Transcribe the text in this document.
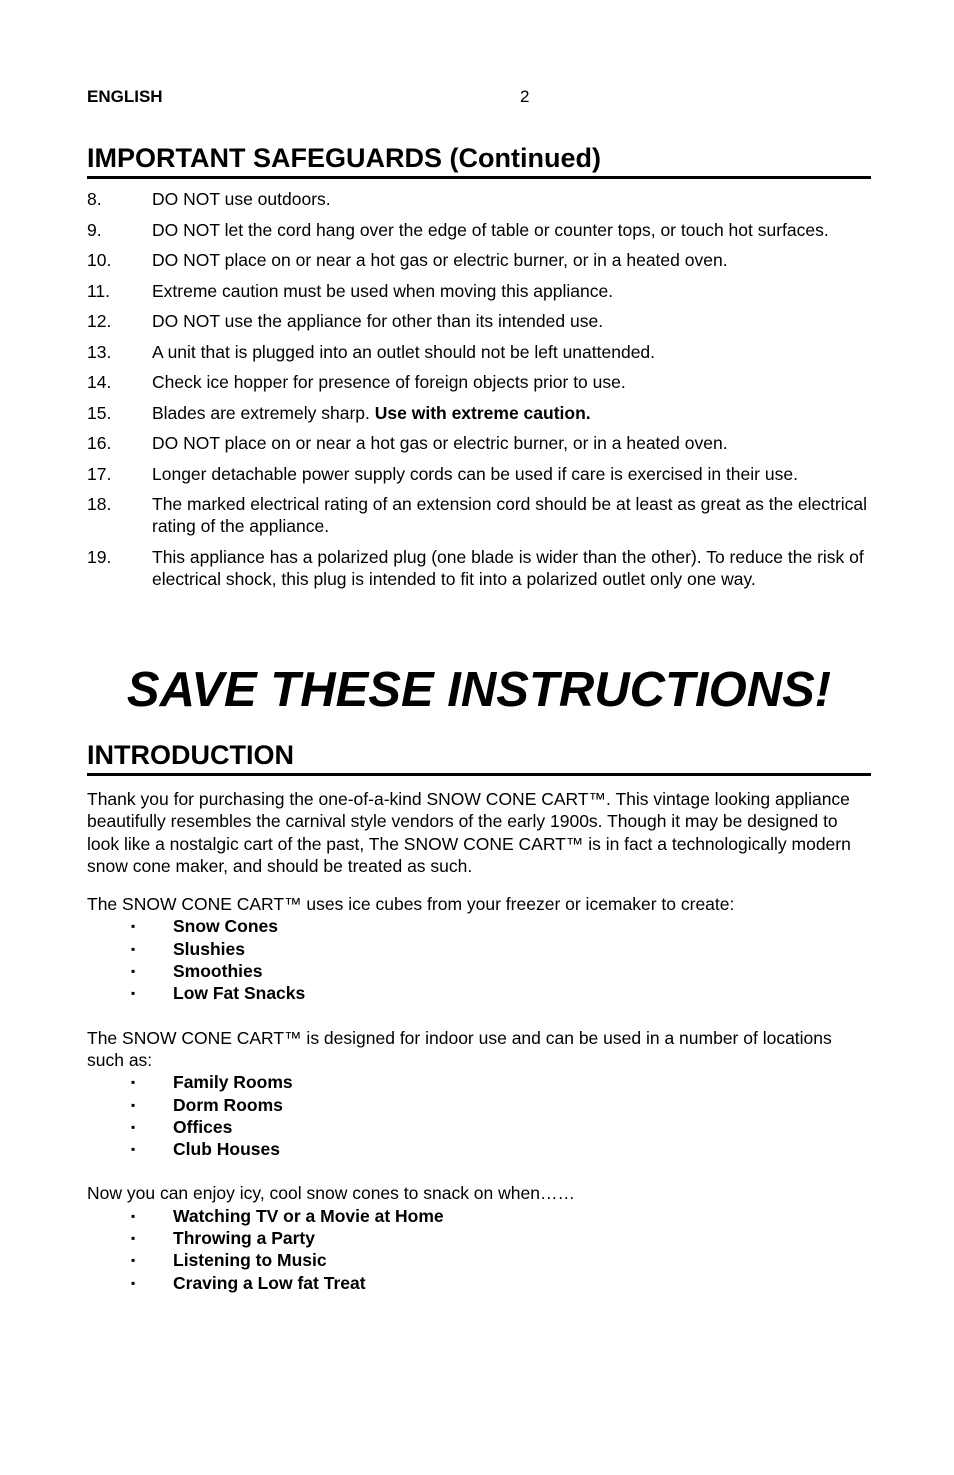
ENGLISH	2
IMPORTANT SAFEGUARDS (Continued)
8.	DO NOT use outdoors.
9.	DO NOT let the cord hang over the edge of table or counter tops, or touch hot surfaces.
10. DO NOT place on or near a hot gas or electric burner, or in a heated oven.
11. Extreme caution must be used when moving this appliance.
12. DO NOT use the appliance for other than its intended use.
13. A unit that is plugged into an outlet should not be left unattended.
14. Check ice hopper for presence of foreign objects prior to use.
15. Blades are extremely sharp. Use with extreme caution.
16. DO NOT place on or near a hot gas or electric burner, or in a heated oven.
17. Longer detachable power supply cords can be used if care is exercised in their use.
18. The marked electrical rating of an extension cord should be at least as great as the electrical rating of the appliance.
19. This appliance has a polarized plug (one blade is wider than the other). To reduce the risk of electrical shock, this plug is intended to fit into a polarized outlet only one way.
SAVE THESE INSTRUCTIONS!
INTRODUCTION

Thank you for purchasing the one-of-a-kind SNOW CONE CART™. This vintage looking appliance beautifully resembles the carnival style vendors of the early 1900s. Though it may be designed to look like a nostalgic cart of the past, The SNOW CONE CART™ is in fact a technologically modern snow cone maker, and should be treated as such.

The SNOW CONE CART™ uses ice cubes from your freezer or icemaker to create:

▪ Snow Cones
▪ Slushies
▪ Smoothies
▪ Low Fat Snacks

The SNOW CONE CART™ is designed for indoor use and can be used in a number of locations such as:

▪ Family Rooms
▪ Dorm Rooms
▪ Offices
▪ Club Houses

Now you can enjoy icy, cool snow cones to snack on when……

▪ Watching TV or a Movie at Home
▪ Throwing a Party
▪ Listening to Music
▪ Craving a Low fat Treat
